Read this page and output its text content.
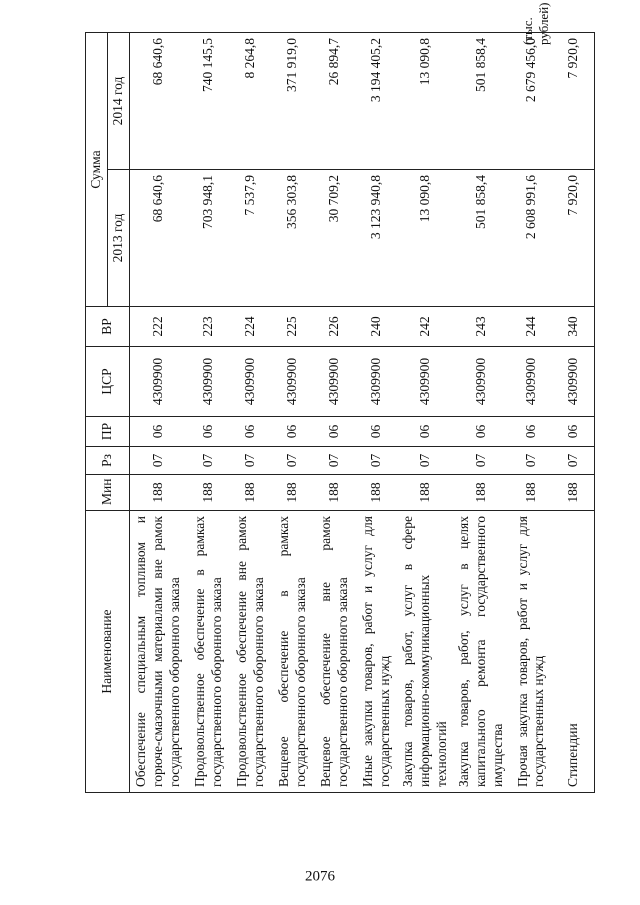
2076
(тыс. рублей)
Наименование	Мин	Рз	ПР	ЦСР	ВР	Сумма	
						2013 год	2014 год
Обеспечение специальным топливом и горюче-смазочными материалами вне рамок государственного оборонного заказа	188	07	06	4309900	222	68 640,6	68 640,6
Продовольственное обеспечение в рамках государственного оборонного заказа	188	07	06	4309900	223	703 948,1	740 145,5
Продовольственное обеспечение вне рамок государственного оборонного заказа	188	07	06	4309900	224	7 537,9	8 264,8
Вещевое обеспечение в рамках государственного оборонного заказа	188	07	06	4309900	225	356 303,8	371 919,0
Вещевое обеспечение вне рамок государственного оборонного заказа	188	07	06	4309900	226	30 709,2	26 894,7
Иные закупки товаров, работ и услуг для государственных нужд	188	07	06	4309900	240	3 123 940,8	3 194 405,2
Закупка товаров, работ, услуг в сфере информационно-коммуникационных технологий	188	07	06	4309900	242	13 090,8	13 090,8
Закупка товаров, работ, услуг в целях капитального ремонта государственного имущества	188	07	06	4309900	243	501 858,4	501 858,4
Прочая закупка товаров, работ и услуг для государственных нужд	188	07	06	4309900	244	2 608 991,6	2 679 456,0
Стипендии	188	07	06	4309900	340	7 920,0	7 920,0
